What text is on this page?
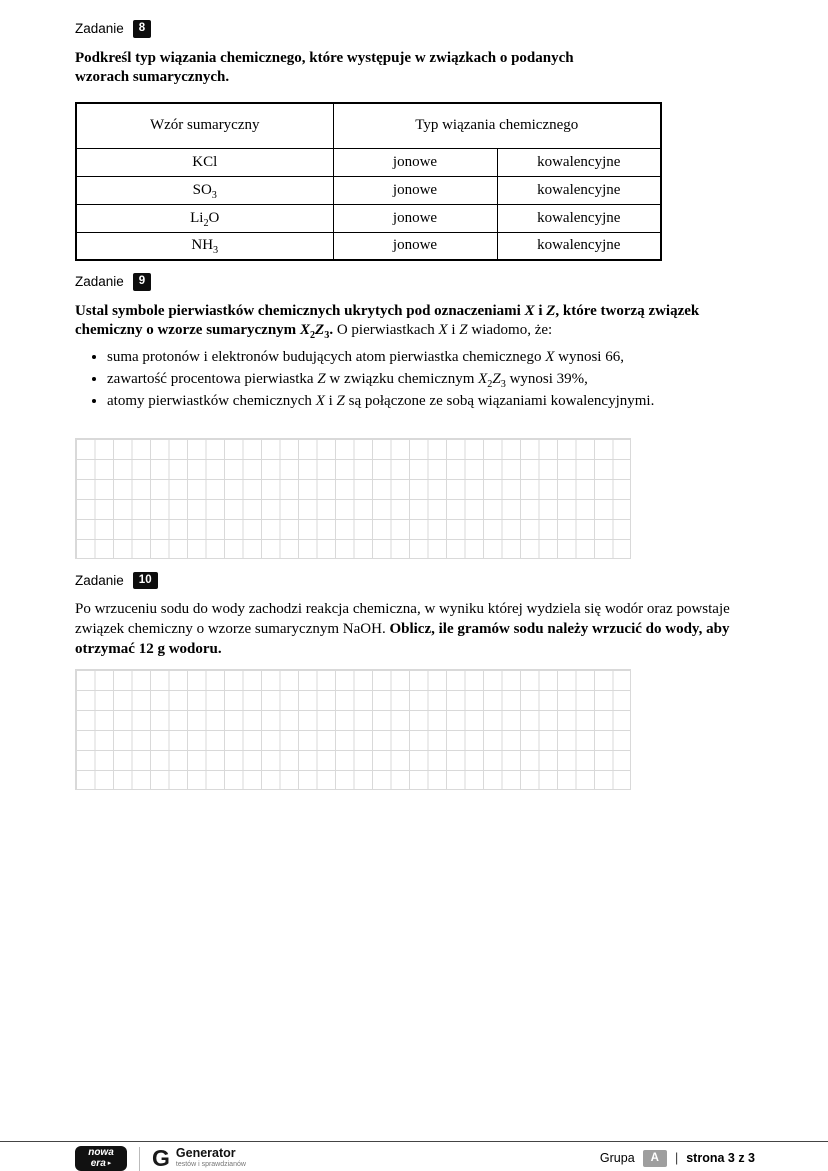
Zadanie	8

Podkreśl typ wiązania chemicznego, które występuje w związkach o podanych wzorach sumarycznych.

Wzór sumaryczny	Typ wiązania chemicznego	
KCl	jonowe	kowalencyjne
$SO_3$	jonowe	kowalencyjne
$Li_2O$	jonowe	kowalencyjne
$NH_3$	jonowe	kowalencyjne
Zadanie	9

Ustal symbole pierwiastków chemicznych ukrytych pod oznaczeniami X i Z, które tworzą związek chemiczny o wzorze sumarycznym $X_2Z_3$. O pierwiastkach X i Z wiadomo, że:

• suma protonów i elektronów budujących atom pierwiastka chemicznego X wynosi 66,
• zawartość procentowa pierwiastka Z w związku chemicznym $X_2Z_3$ wynosi 39%,
• atomy pierwiastków chemicznych X i Z są połączone ze sobą wiązaniami kowalencyjnymi.
Zadanie	10

Po wrzuceniu sodu do wody zachodzi reakcja chemiczna, w wyniku której wydziela się wodór oraz powstaje związek chemiczny o wzorze sumarycznym NaOH. Oblicz, ile gramów sodu należy wrzucić do wody, aby otrzymać 12 g wodoru.

nowa
era ▸ G Generator
testów i sprawdzianów	Grupa	A	| strona 3 z 3
